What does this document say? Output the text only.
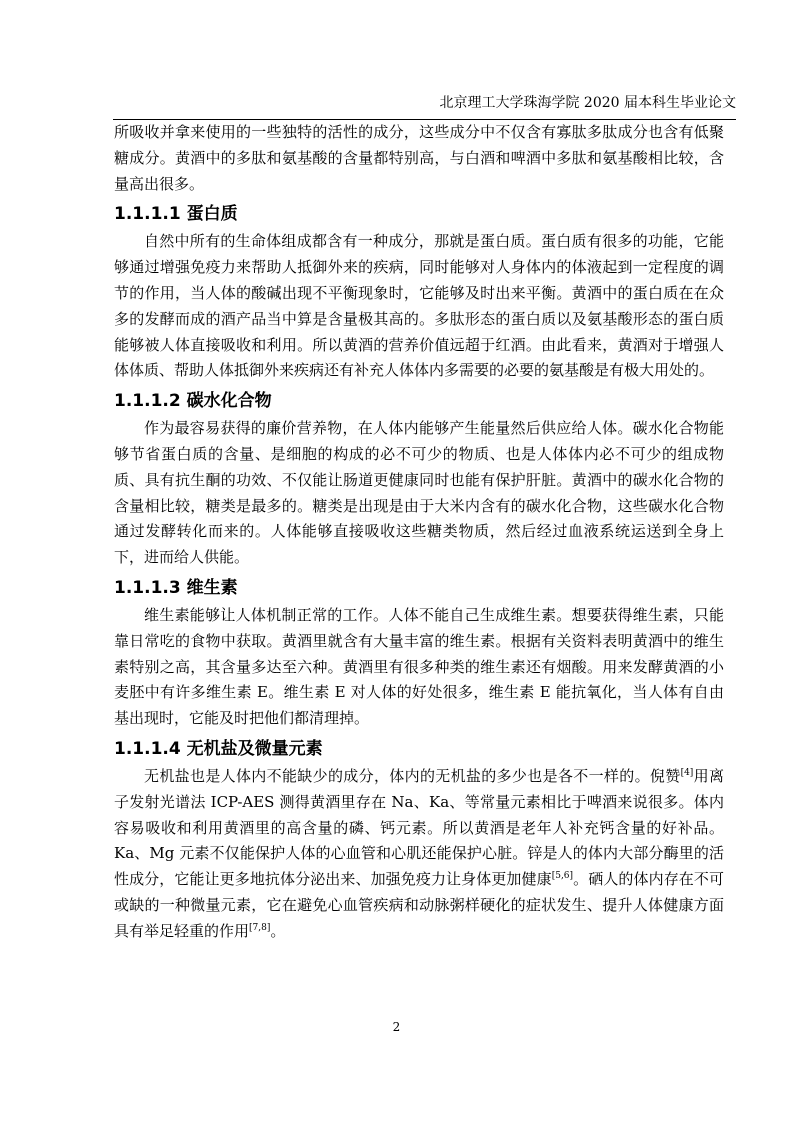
北京理工大学珠海学院 2020 届本科生毕业论文

所吸收并拿来使用的一些独特的活性的成分，这些成分中不仅含有寡肽多肽成分也含有低聚糖成分。黄酒中的多肽和氨基酸的含量都特别高，与白酒和啤酒中多肽和氨基酸相比较，含量高出很多。

1.1.1.1 蛋白质

自然中所有的生命体组成都含有一种成分，那就是蛋白质。蛋白质有很多的功能，它能够通过增强免疫力来帮助人抵御外来的疾病，同时能够对人身体内的体液起到一定程度的调节的作用，当人体的酸碱出现不平衡现象时，它能够及时出来平衡。黄酒中的蛋白质在在众多的发酵而成的酒产品当中算是含量极其高的。多肽形态的蛋白质以及氨基酸形态的蛋白质能够被人体直接吸收和利用。所以黄酒的营养价值远超于红酒。由此看来，黄酒对于增强人体体质、帮助人体抵御外来疾病还有补充人体体内多需要的必要的氨基酸是有极大用处的。

1.1.1.2 碳水化合物

作为最容易获得的廉价营养物，在人体内能够产生能量然后供应给人体。碳水化合物能够节省蛋白质的含量、是细胞的构成的必不可少的物质、也是人体体内必不可少的组成物质、具有抗生酮的功效、不仅能让肠道更健康同时也能有保护肝脏。黄酒中的碳水化合物的含量相比较，糖类是最多的。糖类是出现是由于大米内含有的碳水化合物，这些碳水化合物通过发酵转化而来的。人体能够直接吸收这些糖类物质，然后经过血液系统运送到全身上下，进而给人供能。

1.1.1.3 维生素

维生素能够让人体机制正常的工作。人体不能自己生成维生素。想要获得维生素，只能靠日常吃的食物中获取。黄酒里就含有大量丰富的维生素。根据有关资料表明黄酒中的维生素特别之高，其含量多达至六种。黄酒里有很多种类的维生素还有烟酸。用来发酵黄酒的小麦胚中有许多维生素 E。维生素 E 对人体的好处很多，维生素 E 能抗氧化，当人体有自由基出现时，它能及时把他们都清理掉。

1.1.1.4 无机盐及微量元素

无机盐也是人体内不能缺少的成分，体内的无机盐的多少也是各不一样的。倪赞[4]用离子发射光谱法 ICP-AES 测得黄酒里存在 Na、Ka、等常量元素相比于啤酒来说很多。体内容易吸收和利用黄酒里的高含量的磷、钙元素。所以黄酒是老年人补充钙含量的好补品。Ka、Mg 元素不仅能保护人体的心血管和心肌还能保护心脏。锌是人的体内大部分酶里的活性成分，它能让更多地抗体分泌出来、加强免疫力让身体更加健康[5,6]。硒人的体内存在不可或缺的一种微量元素，它在避免心血管疾病和动脉粥样硬化的症状发生、提升人体健康方面具有举足轻重的作用[7,8]。

2
